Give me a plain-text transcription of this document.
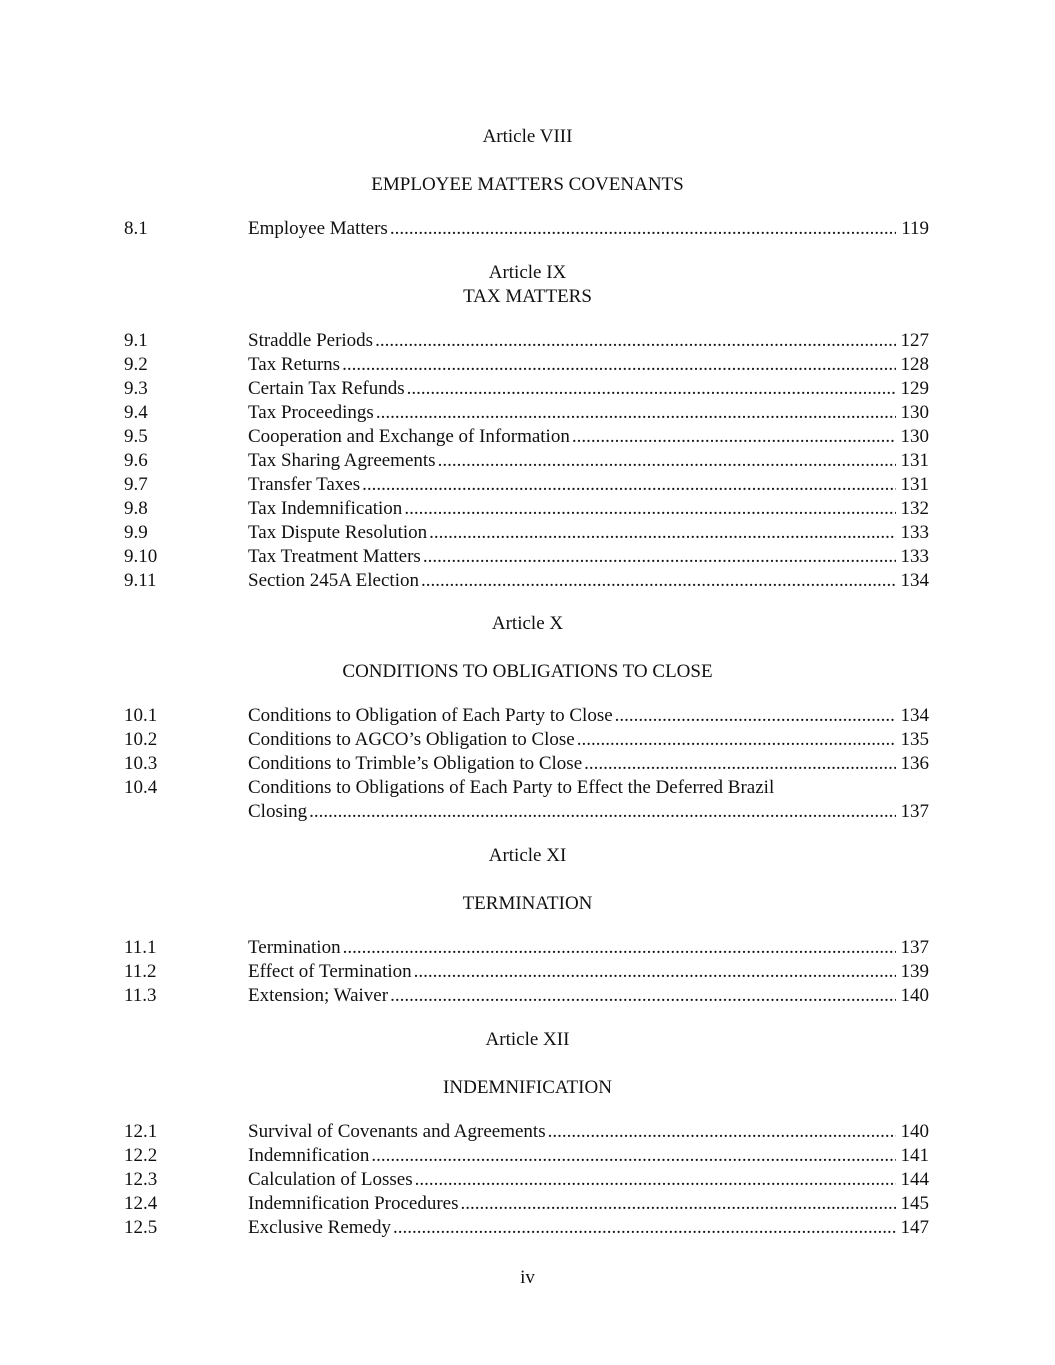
Article VIII
EMPLOYEE MATTERS COVENANTS
8.1	Employee Matters	119
.....
Article IX
TAX MATTERS
9.1	Straddle Periods	127
.....
9.2	Tax Returns	128
.....
9.3	Certain Tax Refunds	129
.....
9.4	Tax Proceedings	130
.....
9.5	Cooperation and Exchange of Information	130
.....
9.6	Tax Sharing Agreements	131
.....
9.7	Transfer Taxes	131
.....
9.8	Tax Indemnification	132
.....
9.9	Tax Dispute Resolution	133
.....
9.10	Tax Treatment Matters	133
.....
9.11	Section 245A Election	134
.....
Article X
CONDITIONS TO OBLIGATIONS TO CLOSE
10.1	Conditions to Obligation of Each Party to Close	134
.....
10.2	Conditions to AGCO’s Obligation to Close	135
.....
10.3	Conditions to Trimble’s Obligation to Close	136
.....
10.4	Conditions to Obligations of Each Party to Effect the Deferred Brazil
Closing	137
.....
Article XI
TERMINATION
11.1	Termination	137
.....
11.2	Effect of Termination	139
.....
11.3	Extension; Waiver	140
.....
Article XII
INDEMNIFICATION
12.1	Survival of Covenants and Agreements	140
.....
12.2	Indemnification	141
.....
12.3	Calculation of Losses	144
.....
12.4	Indemnification Procedures	145
.....
12.5	Exclusive Remedy	147
.....
iv
